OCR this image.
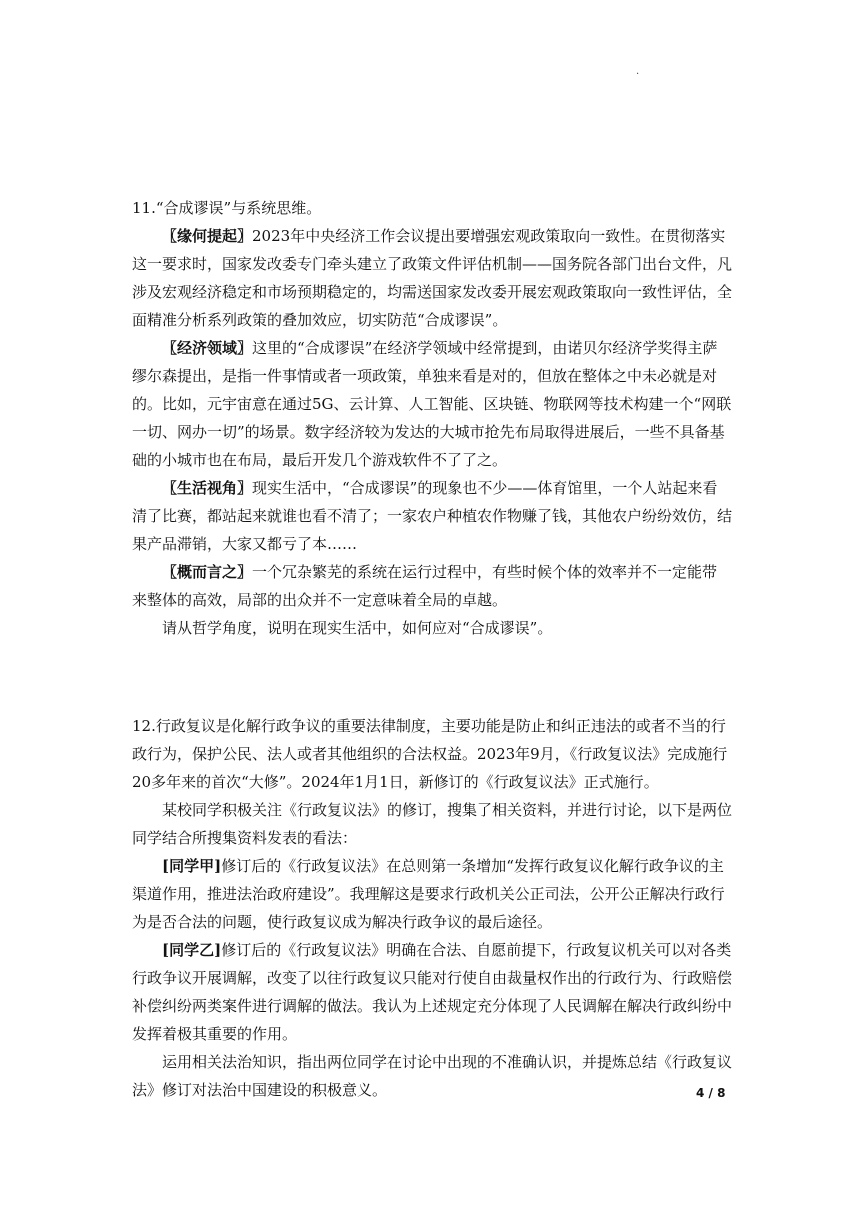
.

11.“合成谬误”与系统思维。

〖缘何提起〗2023年中央经济工作会议提出要增强宏观政策取向一致性。在贯彻落实这一要求时，国家发改委专门牵头建立了政策文件评估机制——国务院各部门出台文件，凡涉及宏观经济稳定和市场预期稳定的，均需送国家发改委开展宏观政策取向一致性评估，全面精准分析系列政策的叠加效应，切实防范“合成谬误”。

〖经济领域〗这里的“合成谬误”在经济学领域中经常提到，由诺贝尔经济学奖得主萨缪尔森提出，是指一件事情或者一项政策，单独来看是对的，但放在整体之中未必就是对的。比如，元宇宙意在通过5G、云计算、人工智能、区块链、物联网等技术构建一个“网联一切、网办一切”的场景。数字经济较为发达的大城市抢先布局取得进展后，一些不具备基础的小城市也在布局，最后开发几个游戏软件不了了之。

〖生活视角〗现实生活中，“合成谬误”的现象也不少——体育馆里，一个人站起来看清了比赛，都站起来就谁也看不清了；一家农户种植农作物赚了钱，其他农户纷纷效仿，结果产品滞销，大家又都亏了本……

〖概而言之〗一个冗杂繁芜的系统在运行过程中，有些时候个体的效率并不一定能带来整体的高效，局部的出众并不一定意味着全局的卓越。

请从哲学角度，说明在现实生活中，如何应对“合成谬误”。

12.行政复议是化解行政争议的重要法律制度，主要功能是防止和纠正违法的或者不当的行政行为，保护公民、法人或者其他组织的合法权益。2023年9月，《行政复议法》完成施行20多年来的首次“大修”。2024年1月1日，新修订的《行政复议法》正式施行。

某校同学积极关注《行政复议法》的修订，搜集了相关资料，并进行讨论，以下是两位同学结合所搜集资料发表的看法：

[同学甲]修订后的《行政复议法》在总则第一条增加“发挥行政复议化解行政争议的主渠道作用，推进法治政府建设”。我理解这是要求行政机关公正司法，公开公正解决行政行为是否合法的问题，使行政复议成为解决行政争议的最后途径。

[同学乙]修订后的《行政复议法》明确在合法、自愿前提下，行政复议机关可以对各类行政争议开展调解，改变了以往行政复议只能对行使自由裁量权作出的行政行为、行政赔偿补偿纠纷两类案件进行调解的做法。我认为上述规定充分体现了人民调解在解决行政纠纷中发挥着极其重要的作用。

运用相关法治知识，指出两位同学在讨论中出现的不准确认识，并提炼总结《行政复议法》修订对法治中国建设的积极意义。	4 / 8
